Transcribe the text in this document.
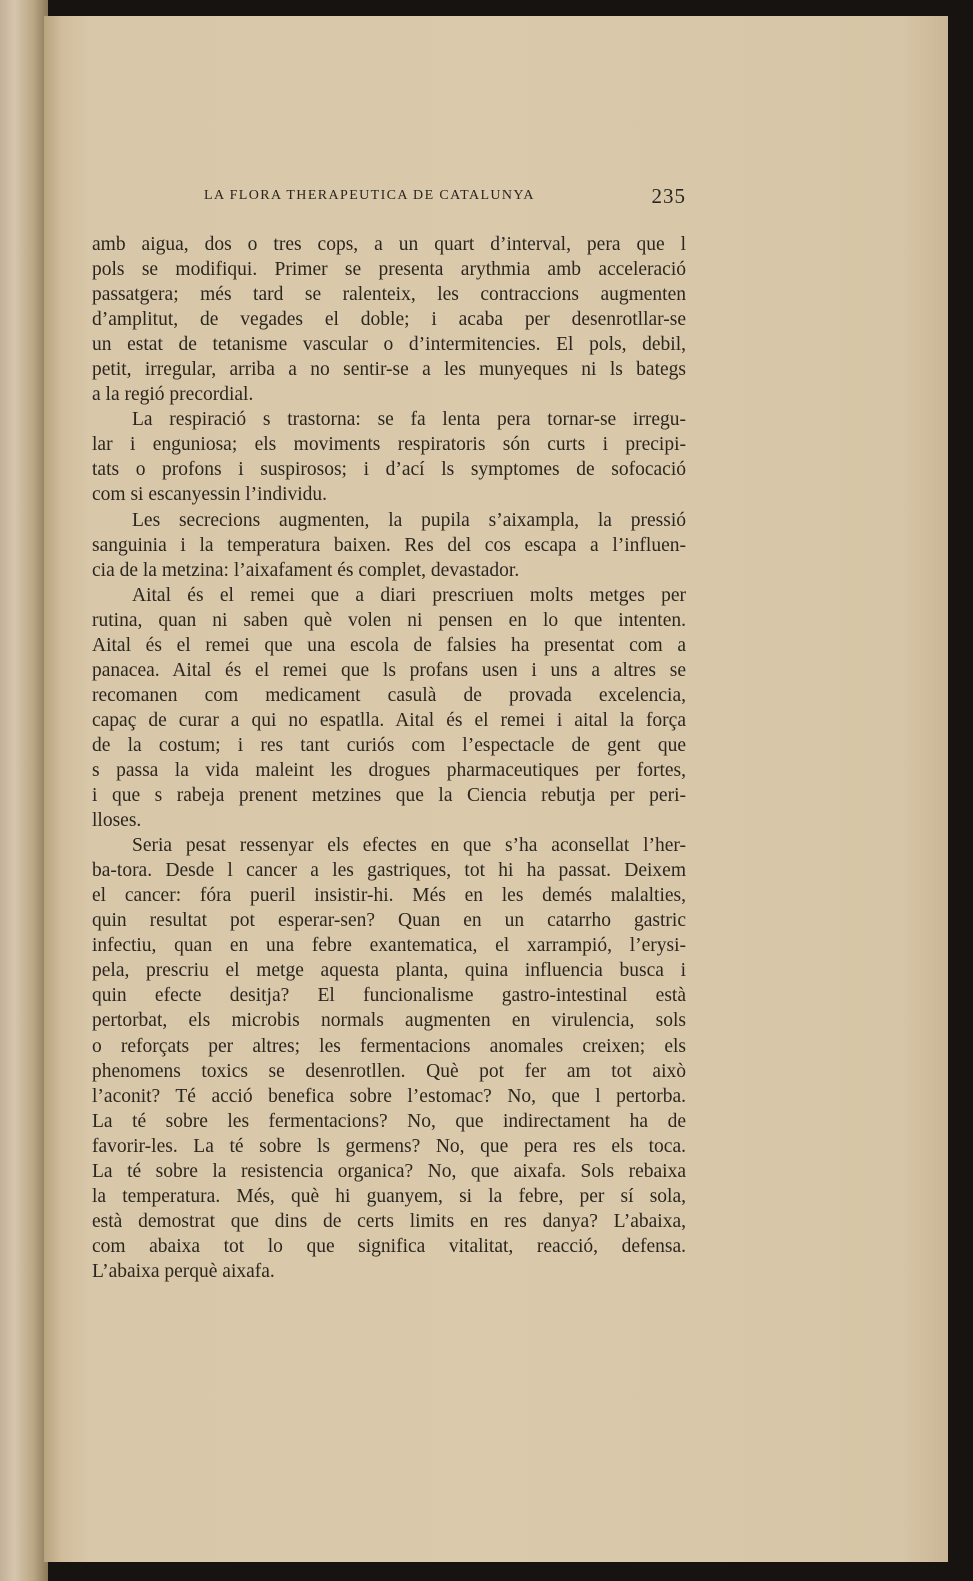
LA FLORA THERAPEUTICA DE CATALUNYA	235
amb aigua, dos o tres cops, a un quart d’interval, pera que l
pols se modifiqui. Primer se presenta arythmia amb acceleració
passatgera; més tard se ralenteix, les contraccions augmenten
d’amplitut, de vegades el doble; i acaba per desenrotllar-se
un estat de tetanisme vascular o d’intermitencies. El pols, debil,
petit, irregular, arriba a no sentir-se a les munyeques ni ls bategs
a la regió precordial.
La respiració s trastorna: se fa lenta pera tornar-se irregu-
lar i enguniosa; els moviments respiratoris són curts i precipi-
tats o profons i suspirosos; i d’ací ls symptomes de sofocació
com si escanyessin l’individu.
Les secrecions augmenten, la pupila s’aixampla, la pressió
sanguinia i la temperatura baixen. Res del cos escapa a l’influen-
cia de la metzina: l’aixafament és complet, devastador.
Aital és el remei que a diari prescriuen molts metges per
rutina, quan ni saben què volen ni pensen en lo que intenten.
Aital és el remei que una escola de falsies ha presentat com a
panacea. Aital és el remei que ls profans usen i uns a altres se
recomanen com medicament casulà de provada excelencia,
capaç de curar a qui no espatlla. Aital és el remei i aital la força
de la costum; i res tant curiós com l’espectacle de gent que
s passa la vida maleint les drogues pharmaceutiques per fortes,
i que s rabeja prenent metzines que la Ciencia rebutja per peri-
lloses.
Seria pesat ressenyar els efectes en que s’ha aconsellat l’her-
ba-tora. Desde l cancer a les gastriques, tot hi ha passat. Deixem
el cancer: fóra pueril insistir-hi. Més en les demés malalties,
quin resultat pot esperar-sen? Quan en un catarrho gastric
infectiu, quan en una febre exantematica, el xarrampió, l’erysi-
pela, prescriu el metge aquesta planta, quina influencia busca i
quin efecte desitja? El funcionalisme gastro-intestinal està
pertorbat, els microbis normals augmenten en virulencia, sols
o reforçats per altres; les fermentacions anomales creixen; els
phenomens toxics se desenrotllen. Què pot fer am tot això
l’aconit? Té acció benefica sobre l’estomac? No, que l pertorba.
La té sobre les fermentacions? No, que indirectament ha de
favorir-les. La té sobre ls germens? No, que pera res els toca.
La té sobre la resistencia organica? No, que aixafa. Sols rebaixa
la temperatura. Més, què hi guanyem, si la febre, per sí sola,
està demostrat que dins de certs limits en res danya? L’abaixa,
com abaixa tot lo que significa vitalitat, reacció, defensa.
L’abaixa perquè aixafa.
